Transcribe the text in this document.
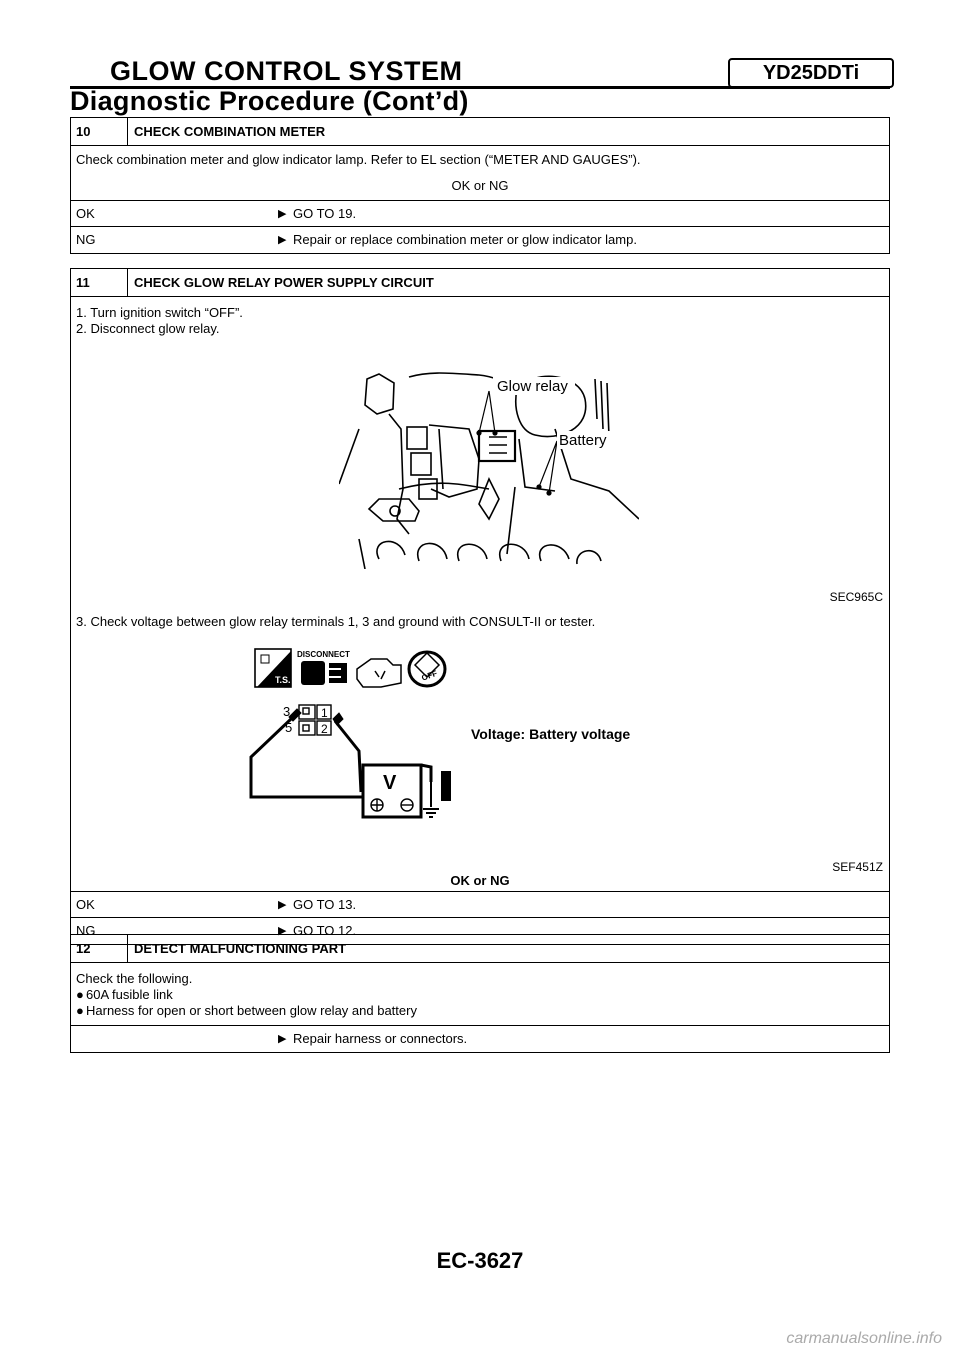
GLOW CONTROL SYSTEM	YD25DDTi
Diagnostic Procedure (Cont’d)
10	CHECK COMBINATION METER
Check combination meter and glow indicator lamp. Refer to EL section (“METER AND GAUGES”).
OK or NG
OK	▶ GO TO 19.
NG	▶ Repair or replace combination meter or glow indicator lamp.
11	CHECK GLOW RELAY POWER SUPPLY CIRCUIT
1. Turn ignition switch “OFF”.
2. Disconnect glow relay.
Glow relay
Battery
SEC965C
3. Check voltage between glow relay terminals 1, 3 and ground with CONSULT-II or tester.
T.S.
DISCONNECT
OFF
3	1
5 2
V
Voltage: Battery voltage
SEF451Z
OK or NG
OK	▶ GO TO 13.
NG	▶ GO TO 12.
12	DETECT MALFUNCTIONING PART
Check the following.
● 60A fusible link
● Harness for open or short between glow relay and battery
▶ Repair harness or connectors.
EC-3627
carmanualsonline.info
